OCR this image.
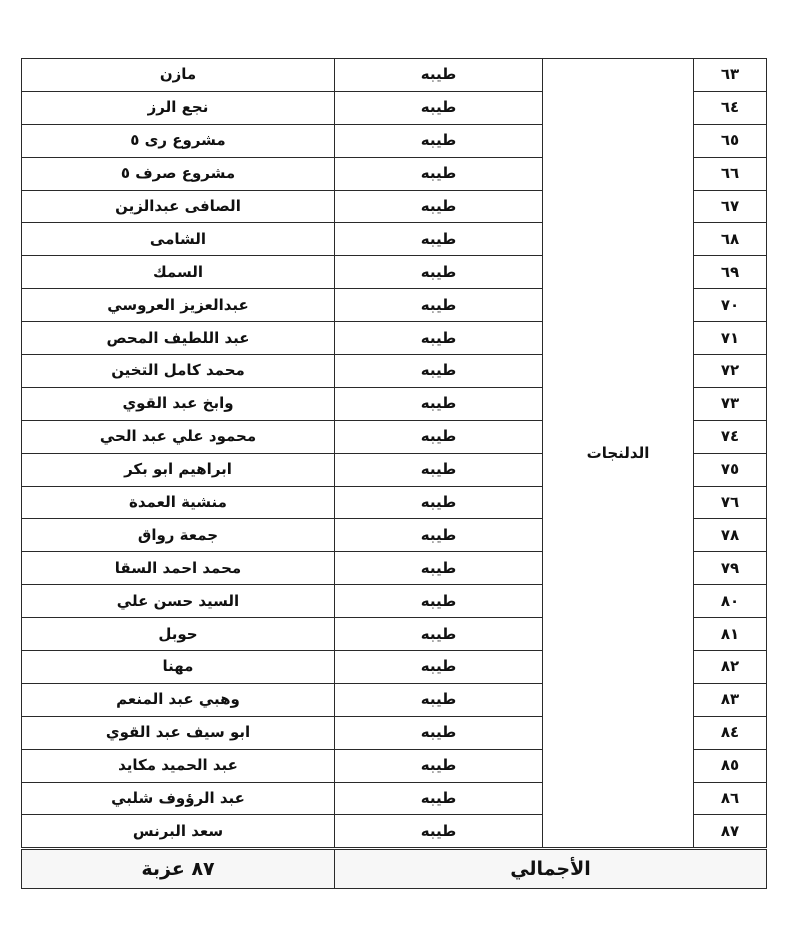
مازن	طيبه	الدلنجات	٦٣
نجع الرز	طيبه		٦٤
مشروع رى ٥	طيبه		٦٥
مشروع صرف ٥	طيبه		٦٦
الصافى عبدالزين	طيبه		٦٧
الشامى	طيبه		٦٨
السمك	طيبه		٦٩
عبدالعزيز العروسي	طيبه		٧٠
عبد اللطيف المحص	طيبه		٧١
محمد كامل التخين	طيبه		٧٢
وابخ عبد القوي	طيبه		٧٣
محمود علي عبد الحي	طيبه		٧٤
ابراهيم ابو بكر	طيبه		٧٥
منشية العمدة	طيبه		٧٦
جمعة رواق	طيبه		٧٨
محمد احمد السقا	طيبه		٧٩
السيد حسن علي	طيبه		٨٠
حوبل	طيبه		٨١
مهنا	طيبه		٨٢
وهبي عبد المنعم	طيبه		٨٣
ابو سيف عبد القوي	طيبه		٨٤
عبد الحميد مكايد	طيبه		٨٥
عبد الرؤوف شلبي	طيبه		٨٦
سعد البرنس	طيبه		٨٧
٨٧ عزبة	الأجمالي		
